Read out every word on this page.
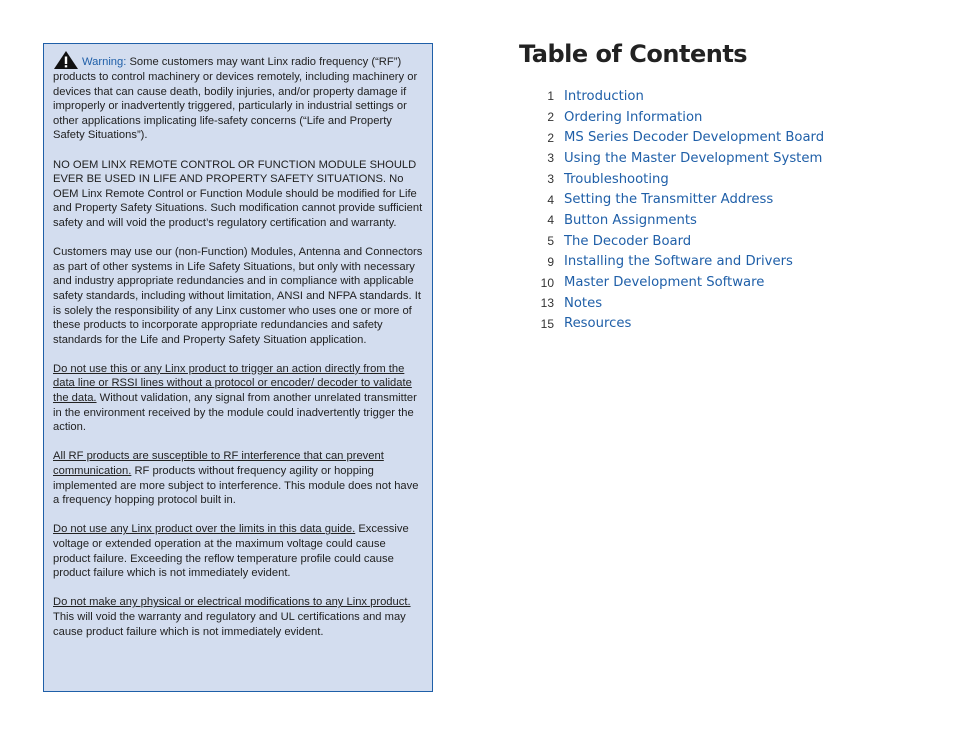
Warning: Some customers may want Linx radio frequency (“RF”) products to control machinery or devices remotely, including machinery or devices that can cause death, bodily injuries, and/or property damage if improperly or inadvertently triggered, particularly in industrial settings or other applications implicating life-safety concerns (“Life and Property Safety Situations”).

NO OEM LINX REMOTE CONTROL OR FUNCTION MODULE SHOULD EVER BE USED IN LIFE AND PROPERTY SAFETY SITUATIONS. No OEM Linx Remote Control or Function Module should be modified for Life and Property Safety Situations. Such modification cannot provide sufficient safety and will void the product’s regulatory certification and warranty.

Customers may use our (non-Function) Modules, Antenna and Connectors as part of other systems in Life Safety Situations, but only with necessary and industry appropriate redundancies and in compliance with applicable safety standards, including without limitation, ANSI and NFPA standards. It is solely the responsibility of any Linx customer who uses one or more of these products to incorporate appropriate redundancies and safety standards for the Life and Property Safety Situation application.

Do not use this or any Linx product to trigger an action directly from the data line or RSSI lines without a protocol or encoder/ decoder to validate the data. Without validation, any signal from another unrelated transmitter in the environment received by the module could inadvertently trigger the action.

All RF products are susceptible to RF interference that can prevent communication. RF products without frequency agility or hopping implemented are more subject to interference. This module does not have a frequency hopping protocol built in.

Do not use any Linx product over the limits in this data guide. Excessive voltage or extended operation at the maximum voltage could cause product failure. Exceeding the reflow temperature profile could cause product failure which is not immediately evident.

Do not make any physical or electrical modifications to any Linx product. This will void the warranty and regulatory and UL certifications and may cause product failure which is not immediately evident.

Table of Contents
1 Introduction
2 Ordering Information
2 MS Series Decoder Development Board
3 Using the Master Development System
3 Troubleshooting
4 Setting the Transmitter Address
4 Button Assignments
5 The Decoder Board
9 Installing the Software and Drivers
10 Master Development Software
13 Notes
15 Resources
